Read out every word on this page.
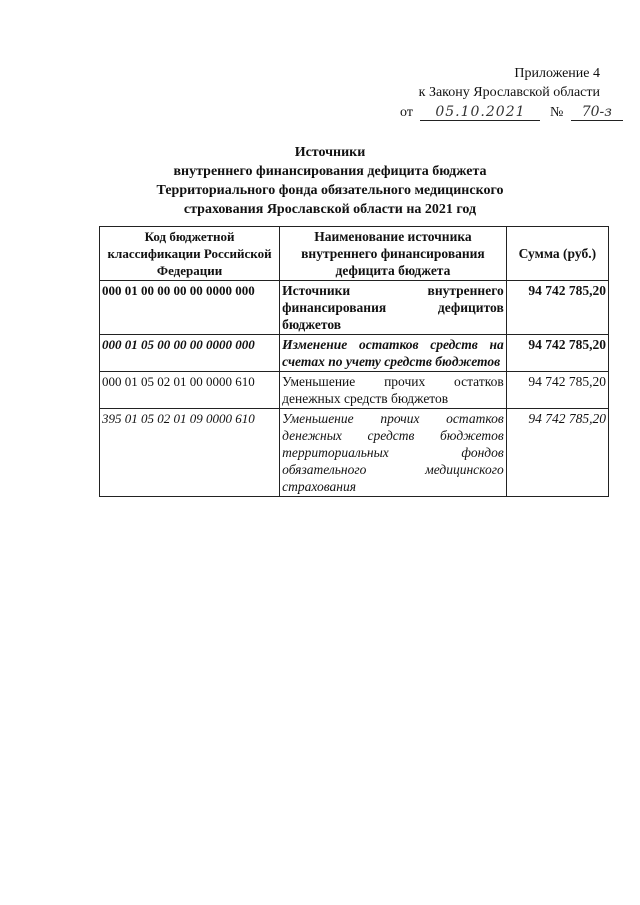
Приложение 4
к Закону Ярославской области
от 05.10.2021 № 70-з
Источники
внутреннего финансирования дефицита бюджета
Территориального фонда обязательного медицинского
страхования Ярославской области на 2021 год
Код бюджетной классификации Российской Федерации	Наименование источника внутреннего финансирования дефицита бюджета	Сумма (руб.)
000 01 00 00 00 00 0000 000	Источники внутреннего финансирования дефицитов бюджетов	94 742 785,20
000 01 05 00 00 00 0000 000	Изменение остатков средств на счетах по учету средств бюджетов	94 742 785,20
000 01 05 02 01 00 0000 610	Уменьшение прочих остатков денежных средств бюджетов	94 742 785,20
395 01 05 02 01 09 0000 610	Уменьшение прочих остатков денежных средств бюджетов территориальных фондов обязательного медицинского страхования	94 742 785,20
